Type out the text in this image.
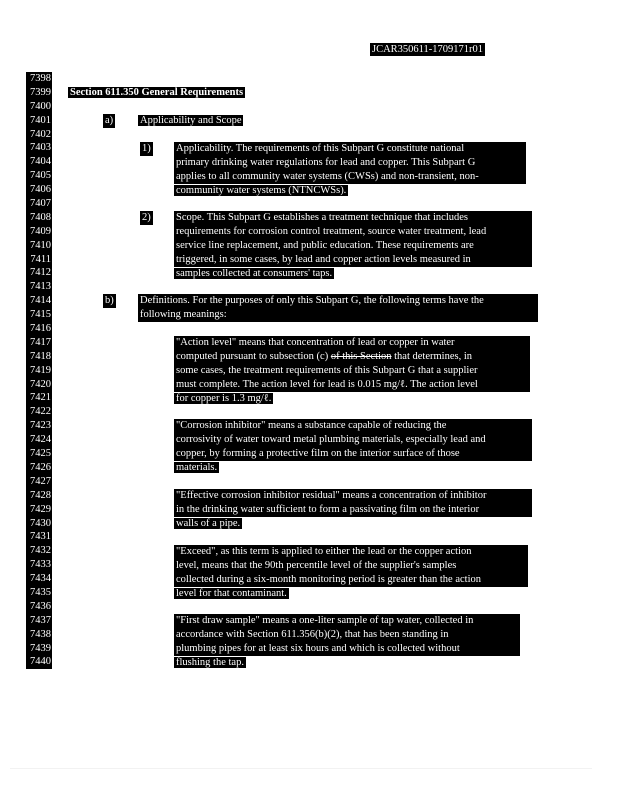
JCAR350611-1709171r01
7398
7399
7400
7401
7402
7403
7404
7405
7406
7407
7408
7409
7410
7411
7412
7413
7414
7415
7416
7417
7418
7419
7420
7421
7422
7423
7424
7425
7426
7427
7428
7429
7430
7431
7432
7433
7434
7435
7436
7437
7438
7439
7440
Section 611.350 General Requirements
a)	Applicability and Scope
1) Applicability. The requirements of this Subpart G constitute national
primary drinking water regulations for lead and copper. This Subpart G
applies to all community water systems (CWSs) and non-transient, non-
community water systems (NTNCWSs).
2) Scope. This Subpart G establishes a treatment technique that includes
requirements for corrosion control treatment, source water treatment, lead
service line replacement, and public education. These requirements are
triggered, in some cases, by lead and copper action levels measured in
samples collected at consumers' taps.
b)	Definitions. For the purposes of only this Subpart G, the following terms have the
following meanings:
"Action level" means that concentration of lead or copper in water
computed pursuant to subsection (c) of this Section that determines, in
some cases, the treatment requirements of this Subpart G that a supplier
must complete. The action level for lead is 0.015 mg/ℓ. The action level
for copper is 1.3 mg/ℓ.
"Corrosion inhibitor" means a substance capable of reducing the
corrosivity of water toward metal plumbing materials, especially lead and
copper, by forming a protective film on the interior surface of those
materials.
"Effective corrosion inhibitor residual" means a concentration of inhibitor
in the drinking water sufficient to form a passivating film on the interior
walls of a pipe.
"Exceed", as this term is applied to either the lead or the copper action
level, means that the 90th percentile level of the supplier's samples
collected during a six-month monitoring period is greater than the action
level for that contaminant.
"First draw sample" means a one-liter sample of tap water, collected in
accordance with Section 611.356(b)(2), that has been standing in
plumbing pipes for at least six hours and which is collected without
flushing the tap.
